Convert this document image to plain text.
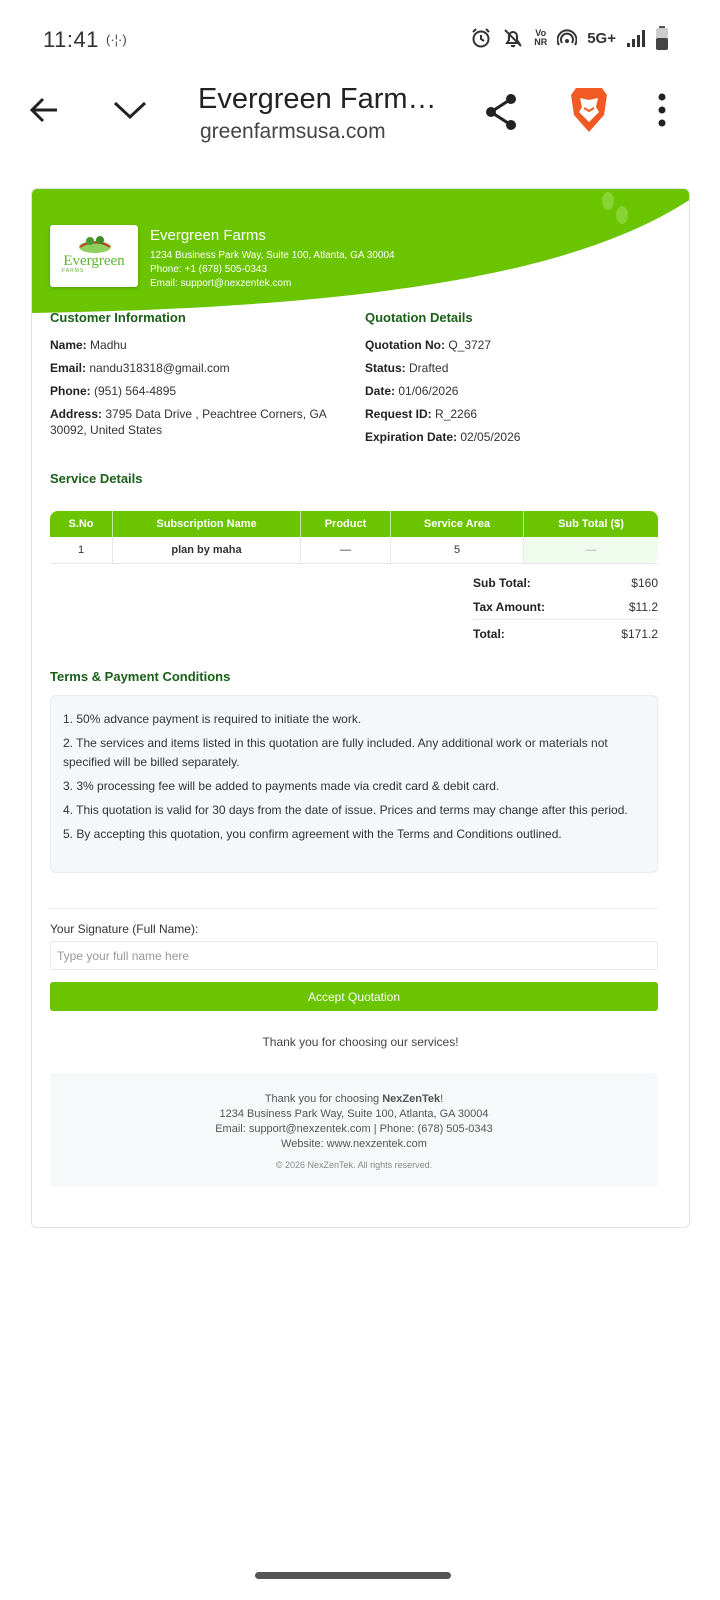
11:41 (·¦·)	Vo
NR	5G+
Evergreen Farm…
greenfarmsusa.com
Evergreen
FARMS
Evergreen Farms
1234 Business Park Way, Suite 100, Atlanta, GA 30004
Phone: +1 (678) 505-0343
Email: support@nexzentek.com
Customer Information
Name: Madhu
Email: nandu318318@gmail.com
Phone: (951) 564-4895
Address: 3795 Data Drive , Peachtree Corners, GA 30092, United States
Quotation Details
Quotation No: Q_3727
Status: Drafted
Date: 01/06/2026
Request ID: R_2266
Expiration Date: 02/05/2026
Service Details
S.No	Subscription Name	Product	Service Area	Sub Total ($)
1	plan by maha	—	5	—
Sub Total:	$160
Tax Amount:	$11.2
Total:	$171.2
Terms & Payment Conditions

1. 50% advance payment is required to initiate the work.

2. The services and items listed in this quotation are fully included. Any additional work or materials not specified will be billed separately.

3. 3% processing fee will be added to payments made via credit card & debit card.

4. This quotation is valid for 30 days from the date of issue. Prices and terms may change after this period.

5. By accepting this quotation, you confirm agreement with the Terms and Conditions outlined.

Your Signature (Full Name):
Type your full name here
Accept Quotation
Thank you for choosing our services!
Thank you for choosing NexZenTek!
1234 Business Park Way, Suite 100, Atlanta, GA 30004
Email: support@nexzentek.com | Phone: (678) 505-0343
Website: www.nexzentek.com
© 2026 NexZenTek. All rights reserved.
